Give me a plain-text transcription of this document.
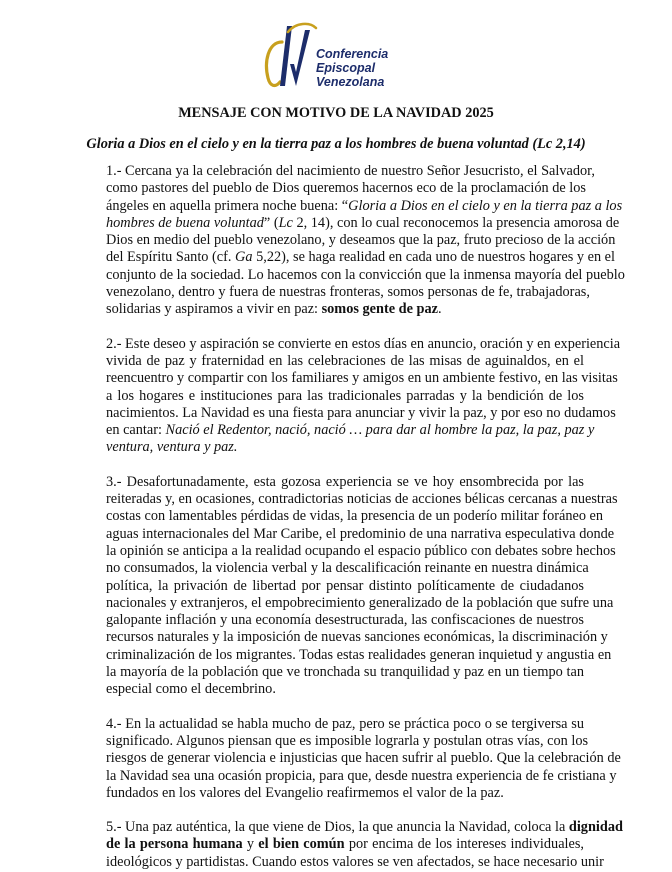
Conferencia
Episcopal
Venezolana
MENSAJE CON MOTIVO DE LA NAVIDAD 2025
Gloria a Dios en el cielo y en la tierra paz a los hombres de buena voluntad (Lc 2,14)
1.- Cercana ya la celebración del nacimiento de nuestro Señor Jesucristo, el Salvador,
como pastores del pueblo de Dios queremos hacernos eco de la proclamación de los
ángeles en aquella primera noche buena: “Gloria a Dios en el cielo y en la tierra paz a los
hombres de buena voluntad” (Lc 2, 14), con lo cual reconocemos la presencia amorosa de
Dios en medio del pueblo venezolano, y deseamos que la paz, fruto precioso de la acción
del Espíritu Santo (cf. Ga 5,22), se haga realidad en cada uno de nuestros hogares y en el
conjunto de la sociedad. Lo hacemos con la convicción que la inmensa mayoría del pueblo
venezolano, dentro y fuera de nuestras fronteras, somos personas de fe, trabajadoras,
solidarias y aspiramos a vivir en paz: somos gente de paz.
2.- Este deseo y aspiración se convierte en estos días en anuncio, oración y en experiencia
vivida de paz y fraternidad en las celebraciones de las misas de aguinaldos, en el
reencuentro y compartir con los familiares y amigos en un ambiente festivo, en las visitas
a los hogares e instituciones para las tradicionales parradas y la bendición de los
nacimientos. La Navidad es una fiesta para anunciar y vivir la paz, y por eso no dudamos
en cantar: Nació el Redentor, nació, nació … para dar al hombre la paz, la paz, paz y
ventura, ventura y paz.
3.- Desafortunadamente, esta gozosa experiencia se ve hoy ensombrecida por las
reiteradas y, en ocasiones, contradictorias noticias de acciones bélicas cercanas a nuestras
costas con lamentables pérdidas de vidas, la presencia de un poderío militar foráneo en
aguas internacionales del Mar Caribe, el predominio de una narrativa especulativa donde
la opinión se anticipa a la realidad ocupando el espacio público con debates sobre hechos
no consumados, la violencia verbal y la descalificación reinante en nuestra dinámica
política, la privación de libertad por pensar distinto políticamente de ciudadanos
nacionales y extranjeros, el empobrecimiento generalizado de la población que sufre una
galopante inflación y una economía desestructurada, las confiscaciones de nuestros
recursos naturales y la imposición de nuevas sanciones económicas, la discriminación y
criminalización de los migrantes. Todas estas realidades generan inquietud y angustia en
la mayoría de la población que ve tronchada su tranquilidad y paz en un tiempo tan
especial como el decembrino.
4.- En la actualidad se habla mucho de paz, pero se práctica poco o se tergiversa su
significado. Algunos piensan que es imposible lograrla y postulan otras vías, con los
riesgos de generar violencia e injusticias que hacen sufrir al pueblo. Que la celebración de
la Navidad sea una ocasión propicia, para que, desde nuestra experiencia de fe cristiana y
fundados en los valores del Evangelio reafirmemos el valor de la paz.
5.- Una paz auténtica, la que viene de Dios, la que anuncia la Navidad, coloca la dignidad
de la persona humana y el bien común por encima de los intereses individuales,
ideológicos y partidistas. Cuando estos valores se ven afectados, se hace necesario unir
